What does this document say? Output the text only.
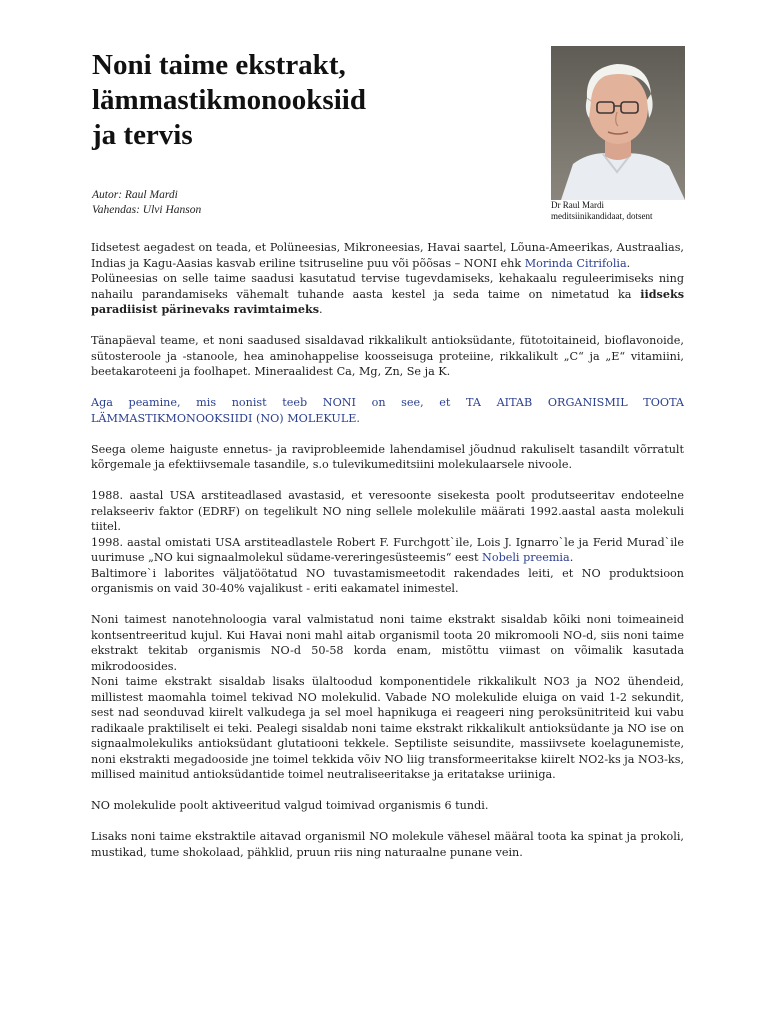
Noni taime ekstrakt,
lämmastikmonooksiid
ja tervis
Autor: Raul Mardi
Vahendas: Ulvi Hanson	Dr Raul Mardi
meditsiinikandidaat, dotsent

Iidsetest aegadest on teada, et Polüneesias, Mikroneesias, Havai saartel, Lõuna-Ameerikas, Austraalias, Indias ja Kagu-Aasias kasvab eriline tsitruseline puu või põõsas – NONI ehk Morinda Citrifolia.

Polüneesias on selle taime saadusi kasutatud tervise tugevdamiseks, kehakaalu reguleerimiseks ning nahailu parandamiseks vähemalt tuhande aasta kestel ja seda taime on nimetatud ka iidseks paradiisist pärinevaks ravimtaimeks.

Tänapäeval teame, et noni saadused sisaldavad rikkalikult antioksüdante, fütotoitaineid, bioflavonoide, sütosteroole ja -stanoole, hea aminohappelise koosseisuga proteiine, rikkalikult „C“ ja „E“ vitamiini, beetakaroteeni ja foolhapet. Mineraalidest Ca, Mg, Zn, Se ja K.

Aga peamine, mis nonist teeb NONI on see, et TA AITAB ORGANISMIL TOOTA LÄMMASTIKMONOOKSIIDI (NO) MOLEKULE.

Seega oleme haiguste ennetus- ja raviprobleemide lahendamisel jõudnud rakuliselt tasandilt võrratult kõrgemale ja efektiivsemale tasandile, s.o tulevikumeditsiini molekulaarsele nivoole.

1988. aastal USA arstiteadlased avastasid, et veresoonte sisekesta poolt produtseeritav endoteelne relakseeriv faktor (EDRF) on tegelikult NO ning sellele molekulile määrati 1992.aastal aasta molekuli tiitel.

1998. aastal omistati USA arstiteadlastele Robert F. Furchgott`ile, Lois J. Ignarro`le ja Ferid Murad`ile uurimuse „NO kui signaalmolekul südame-vereringesüsteemis“ eest Nobeli preemia.

Baltimore`i laborites väljatöötatud NO tuvastamismeetodit rakendades leiti, et NO produktsioon organismis on vaid 30-40% vajalikust - eriti eakamatel inimestel.

Noni taimest nanotehnoloogia varal valmistatud noni taime ekstrakt sisaldab kõiki noni toimeaineid kontsentreeritud kujul. Kui Havai noni mahl aitab organismil toota 20 mikromooli NO-d, siis noni taime ekstrakt tekitab organismis NO-d 50-58 korda enam, mistõttu viimast on võimalik kasutada mikrodoosides.

Noni taime ekstrakt sisaldab lisaks ülaltoodud komponentidele rikkalikult NO3 ja NO2 ühendeid, millistest maomahla toimel tekivad NO molekulid. Vabade NO molekulide eluiga on vaid 1-2 sekundit, sest nad seonduvad kiirelt valkudega ja sel moel hapnikuga ei reageeri ning peroksünitriteid kui vabu radikaale praktiliselt ei teki. Pealegi sisaldab noni taime ekstrakt rikkalikult antioksüdante ja NO ise on signaalmolekuliks antioksüdant glutatiooni tekkele. Septiliste seisundite, massiivsete koelagunemiste, noni ekstrakti megadooside jne toimel tekkida võiv NO liig transformeeritakse kiirelt NO2-ks ja NO3-ks, millised mainitud antioksüdantide toimel neutraliseeritakse ja eritatakse uriiniga.

NO molekulide poolt aktiveeritud valgud toimivad organismis 6 tundi.

Lisaks noni taime ekstraktile aitavad organismil NO molekule vähesel määral toota ka spinat ja prokoli, mustikad, tume shokolaad, pähklid, pruun riis ning naturaalne punane vein.
